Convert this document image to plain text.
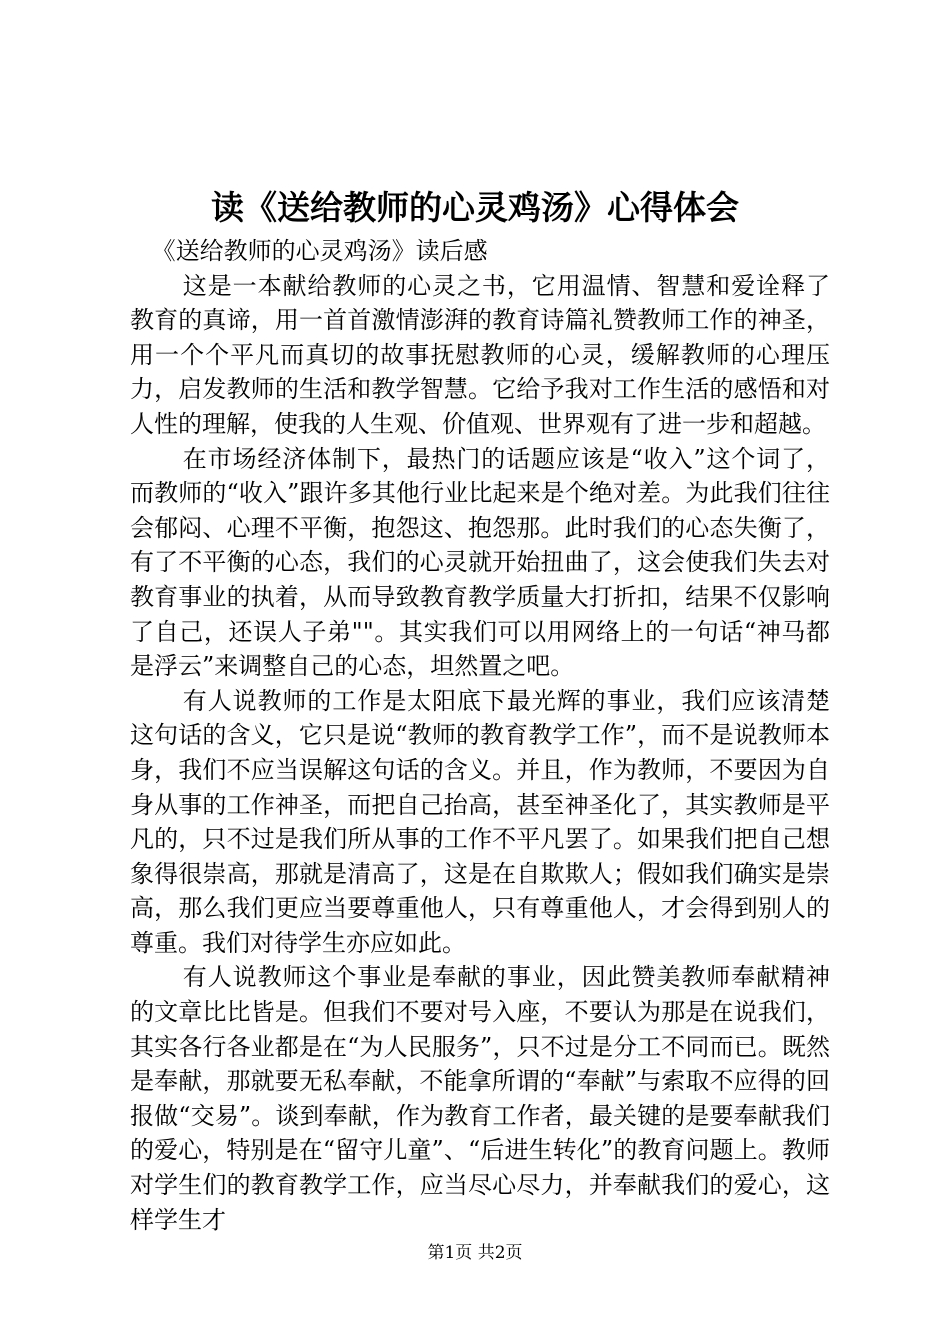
读《送给教师的心灵鸡汤》心得体会

《送给教师的心灵鸡汤》读后感

这是一本献给教师的心灵之书，它用温情、智慧和爱诠释了教育的真谛，用一首首激情澎湃的教育诗篇礼赞教师工作的神圣，用一个个平凡而真切的故事抚慰教师的心灵，缓解教师的心理压力，启发教师的生活和教学智慧。它给予我对工作生活的感悟和对人性的理解，使我的人生观、价值观、世界观有了进一步和超越。

在市场经济体制下，最热门的话题应该是“收入”这个词了，而教师的“收入”跟许多其他行业比起来是个绝对差。为此我们往往会郁闷、心理不平衡，抱怨这、抱怨那。此时我们的心态失衡了，有了不平衡的心态，我们的心灵就开始扭曲了，这会使我们失去对教育事业的执着，从而导致教育教学质量大打折扣，结果不仅影响了自己，还误人子弟""。其实我们可以用网络上的一句话“神马都是浮云”来调整自己的心态，坦然置之吧。

有人说教师的工作是太阳底下最光辉的事业，我们应该清楚这句话的含义，它只是说“教师的教育教学工作”，而不是说教师本身，我们不应当误解这句话的含义。并且，作为教师，不要因为自身从事的工作神圣，而把自己抬高，甚至神圣化了，其实教师是平凡的，只不过是我们所从事的工作不平凡罢了。如果我们把自己想象得很崇高，那就是清高了，这是在自欺欺人；假如我们确实是崇高，那么我们更应当要尊重他人，只有尊重他人，才会得到别人的尊重。我们对待学生亦应如此。

有人说教师这个事业是奉献的事业，因此赞美教师奉献精神的文章比比皆是。但我们不要对号入座，不要认为那是在说我们，其实各行各业都是在“为人民服务”，只不过是分工不同而已。既然是奉献，那就要无私奉献，不能拿所谓的“奉献”与索取不应得的回报做“交易”。谈到奉献，作为教育工作者，最关键的是要奉献我们的爱心，特别是在“留守儿童”、“后进生转化”的教育问题上。教师对学生们的教育教学工作，应当尽心尽力，并奉献我们的爱心，这样学生才

第1页 共2页
